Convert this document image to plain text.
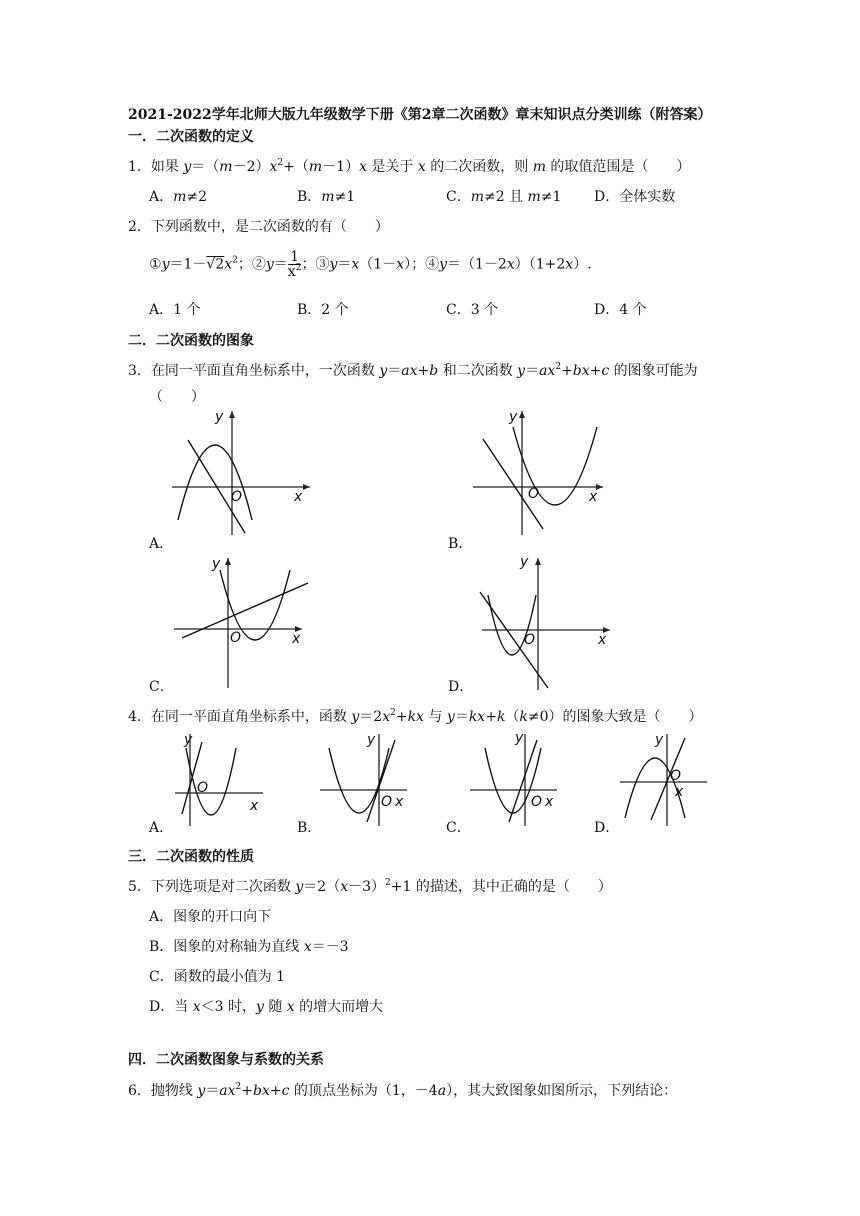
2021-2022学年北师大版九年级数学下册《第2章二次函数》章末知识点分类训练（附答案）
一．二次函数的定义
1．如果 $y=(m-2)x^2+(m-1)x$ 是关于 x 的二次函数，则 m 的取值范围是（　　）
A．m≠2	B．m≠1	C．m≠2 且 m≠1 D．全体实数
2．下列函数中，是二次函数的有（　　）
$①y=1-√2x^2$；②y＝ $\frac{1}{x^2}$ ；③y＝x（1－x）；④y＝（1－2x）（1+2x）.
A．1 个	B．2 个	C．3 个	D．4 个
二．二次函数的图象
3．在同一平面直角坐标系中，一次函数 y＝ax+b 和二次函数 $y=ax^2+bx+c$ 的图象可能为
（　　）
y
x
O
A．
y
x
O
B．
y
x
O
C．
y
x
O
D．
4．在同一平面直角坐标系中，函数 $y=2x^2+kx$ 与 y＝kx+k（k≠0）的图象大致是（　　）
y
x
O
A．
y
x
O
B．
y
x
O
C．
y
x
O
D．
三．二次函数的性质
5．下列选项是对二次函数 $y=2(x-3)^2+1$ 的描述，其中正确的是（　　）
A．图象的开口向下
B．图象的对称轴为直线 x＝－3
C．函数的最小值为 1
D．当 x＜3 时，y 随 x 的增大而增大
四．二次函数图象与系数的关系
6．抛物线 $y=ax^2+bx+c$ 的顶点坐标为（1，－4a），其大致图象如图所示，下列结论：
